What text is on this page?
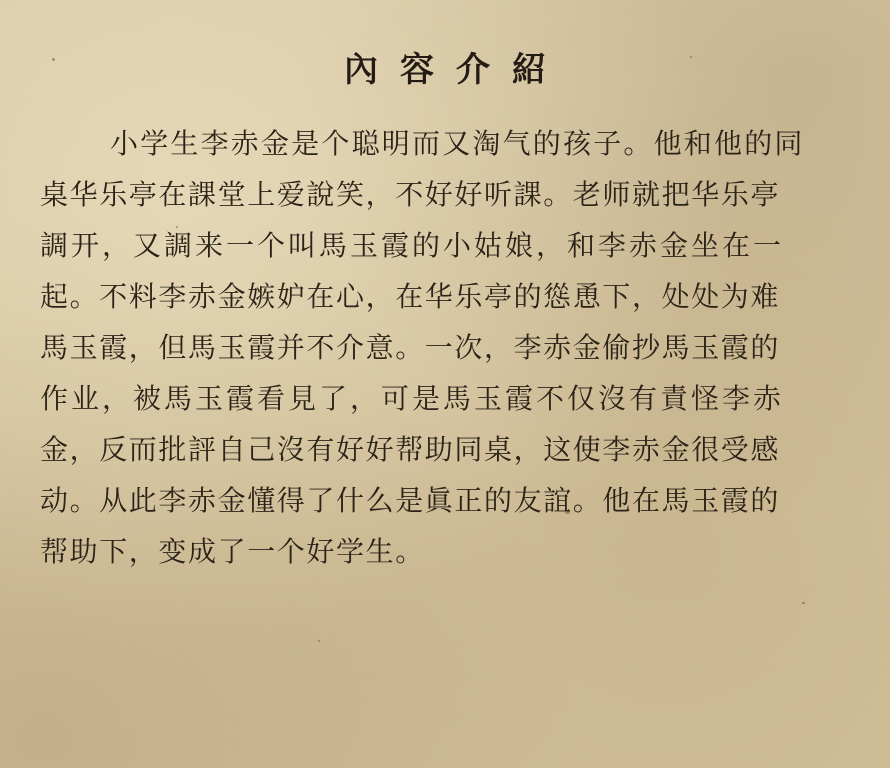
內容介紹
小学生李赤金是个聪明而又淘气的孩子。他和他的同
桌华乐亭在課堂上爱說笑，不好好听課。老师就把华乐亭
調开，又調来一个叫馬玉霞的小姑娘，和李赤金坐在一
起。不料李赤金嫉妒在心，在华乐亭的慫恿下，处处为难
馬玉霞，但馬玉霞并不介意。一次，李赤金偷抄馬玉霞的
作业，被馬玉霞看見了，可是馬玉霞不仅沒有責怪李赤
金，反而批評自己沒有好好帮助同桌，这使李赤金很受感
动。从此李赤金懂得了什么是眞正的友誼。他在馬玉霞的
帮助下，变成了一个好学生。
